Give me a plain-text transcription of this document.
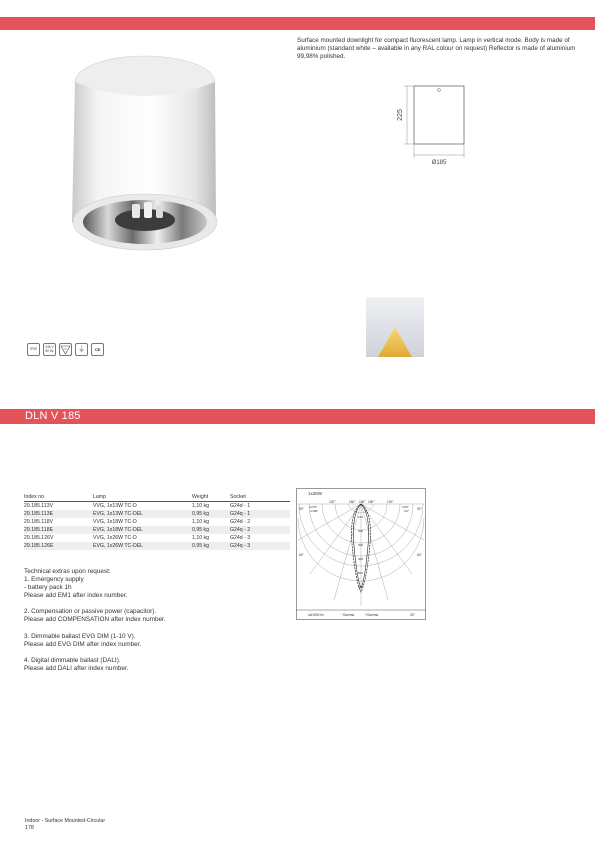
Surface mounted downlight for compact fluorescent lamp. Lamp in vertical mode. Body is made of aluminium (standard white – available in any RAL colour on request) Reflector is made of aluminium 99,98% polished.
225
Ø185
IP20	230 V 50 Hz	F	⏚	CE
DLN V 185
Index no.	Lamp	Weight	Socket
29.185.113V	VVG, 1x13W TC-D	1,10 kg	G24d - 1
29.185.113E	EVG, 1x13W TC-DEL	0,95 kg	G24q - 1
29.185.118V	VVG, 1x18W TC-D	1,10 kg	G24d - 2
29.185.118E	EVG, 1x18W TC-DEL	0,95 kg	G24q - 2
29.185.126V	VVG, 1x26W TC-D	1,10 kg	G24d - 3
29.185.126E	EVG, 1x26W TC-DEL	0,95 kg	G24q - 3
Technical extras upon request:
1. Emergency supply
- battery pack 1h
Please add EM1 after index number.
2. Compensation or passive power (capacitor).
Please add COMPENSATION after index number.
3. Dimmable ballast EVG DIM (1-10 V).
Please add EVG DIM after index number.
4. Digital dimmable ballast (DALI).
Please add DALI after index number.
1x26W
120°	180° 180° 150°	120°
90°	90°
C270°
C180°
C90°
C0°
60°	60°
100
200
300
400
500
600
cd/1000 lm	−Gamma	+Gamma	30°
Indoor - Surface Mounted-Circular
178
